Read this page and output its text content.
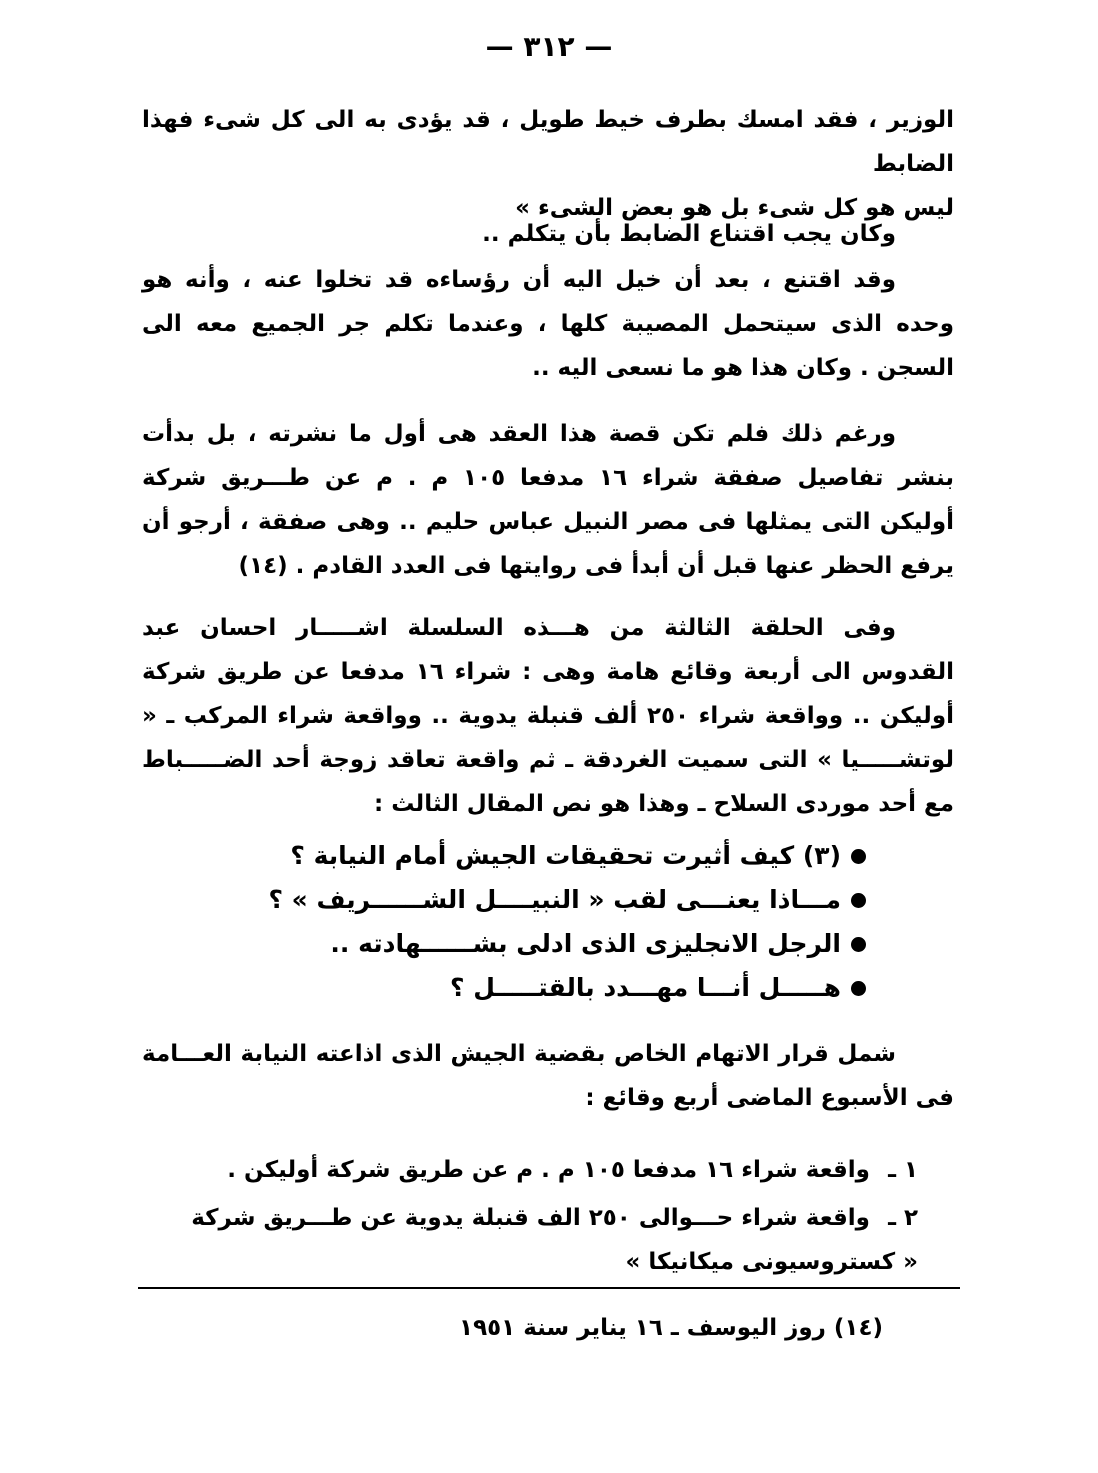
— ٣١٢ —

الوزير ، فقد امسك بطرف خيط طويل ، قد يؤدى به الى كل شىء فهذا الضابط

ليس هو كل شىء بل هو بعض الشىء »

وكان يجب اقتناع الضابط بأن يتكلم ..

وقد اقتنع ، بعد أن خيل اليه أن رؤساءه قد تخلوا عنه ، وأنه هو وحده الذى سيتحمل المصيبة كلها ، وعندما تكلم جر الجميع معه الى السجن . وكان هذا هو ما نسعى اليه ..

ورغم ذلك فلم تكن قصة هذا العقد هى أول ما نشرته ، بل بدأت بنشر تفاصيل صفقة شراء ١٦ مدفعا ١٠٥ م . م عن طـــريق شركة أوليكن التى يمثلها فى مصر النبيل عباس حليم .. وهى صفقة ، أرجو أن يرفع الحظر عنها قبل أن أبدأ فى روايتها فى العدد القادم . (١٤)

وفى الحلقة الثالثة من هـــذه السلسلة اشـــــار احسان عبد القدوس الى أربعة وقائع هامة وهى : شراء ١٦ مدفعا عن طريق شركة أوليكن .. وواقعة شراء ٢٥٠ ألف قنبلة يدوية .. وواقعة شراء المركب ـ « لوتشـــــيا » التى سميت الغردقة ـ ثم واقعة تعاقد زوجة أحد الضـــــباط مع أحد موردى السلاح ـ وهذا هو نص المقال الثالث :

(٣) كيف أثيرت تحقيقات الجيش أمام النيابة ؟
مـــاذا يعنـــى لقب « النبيــــل الشــــــريف » ؟
الرجل الانجليزى الذى ادلى بشــــــهادته ..
هـــــل أنـــا مهـــدد بالقتـــــل ؟

شمل قرار الاتهام الخاص بقضية الجيش الذى اذاعته النيابة العـــامة فى الأسبوع الماضى أربع وقائع :

١ ـ واقعة شراء ١٦ مدفعا ١٠٥ م . م عن طريق شركة أوليكن .
٢ ـ واقعة شراء حـــوالى ٢٥٠ الف قنبلة يدوية عن طـــريق شركة « كستروسيونى ميكانيكا »
(١٤) روز اليوسف ـ ١٦ يناير سنة ١٩٥١
